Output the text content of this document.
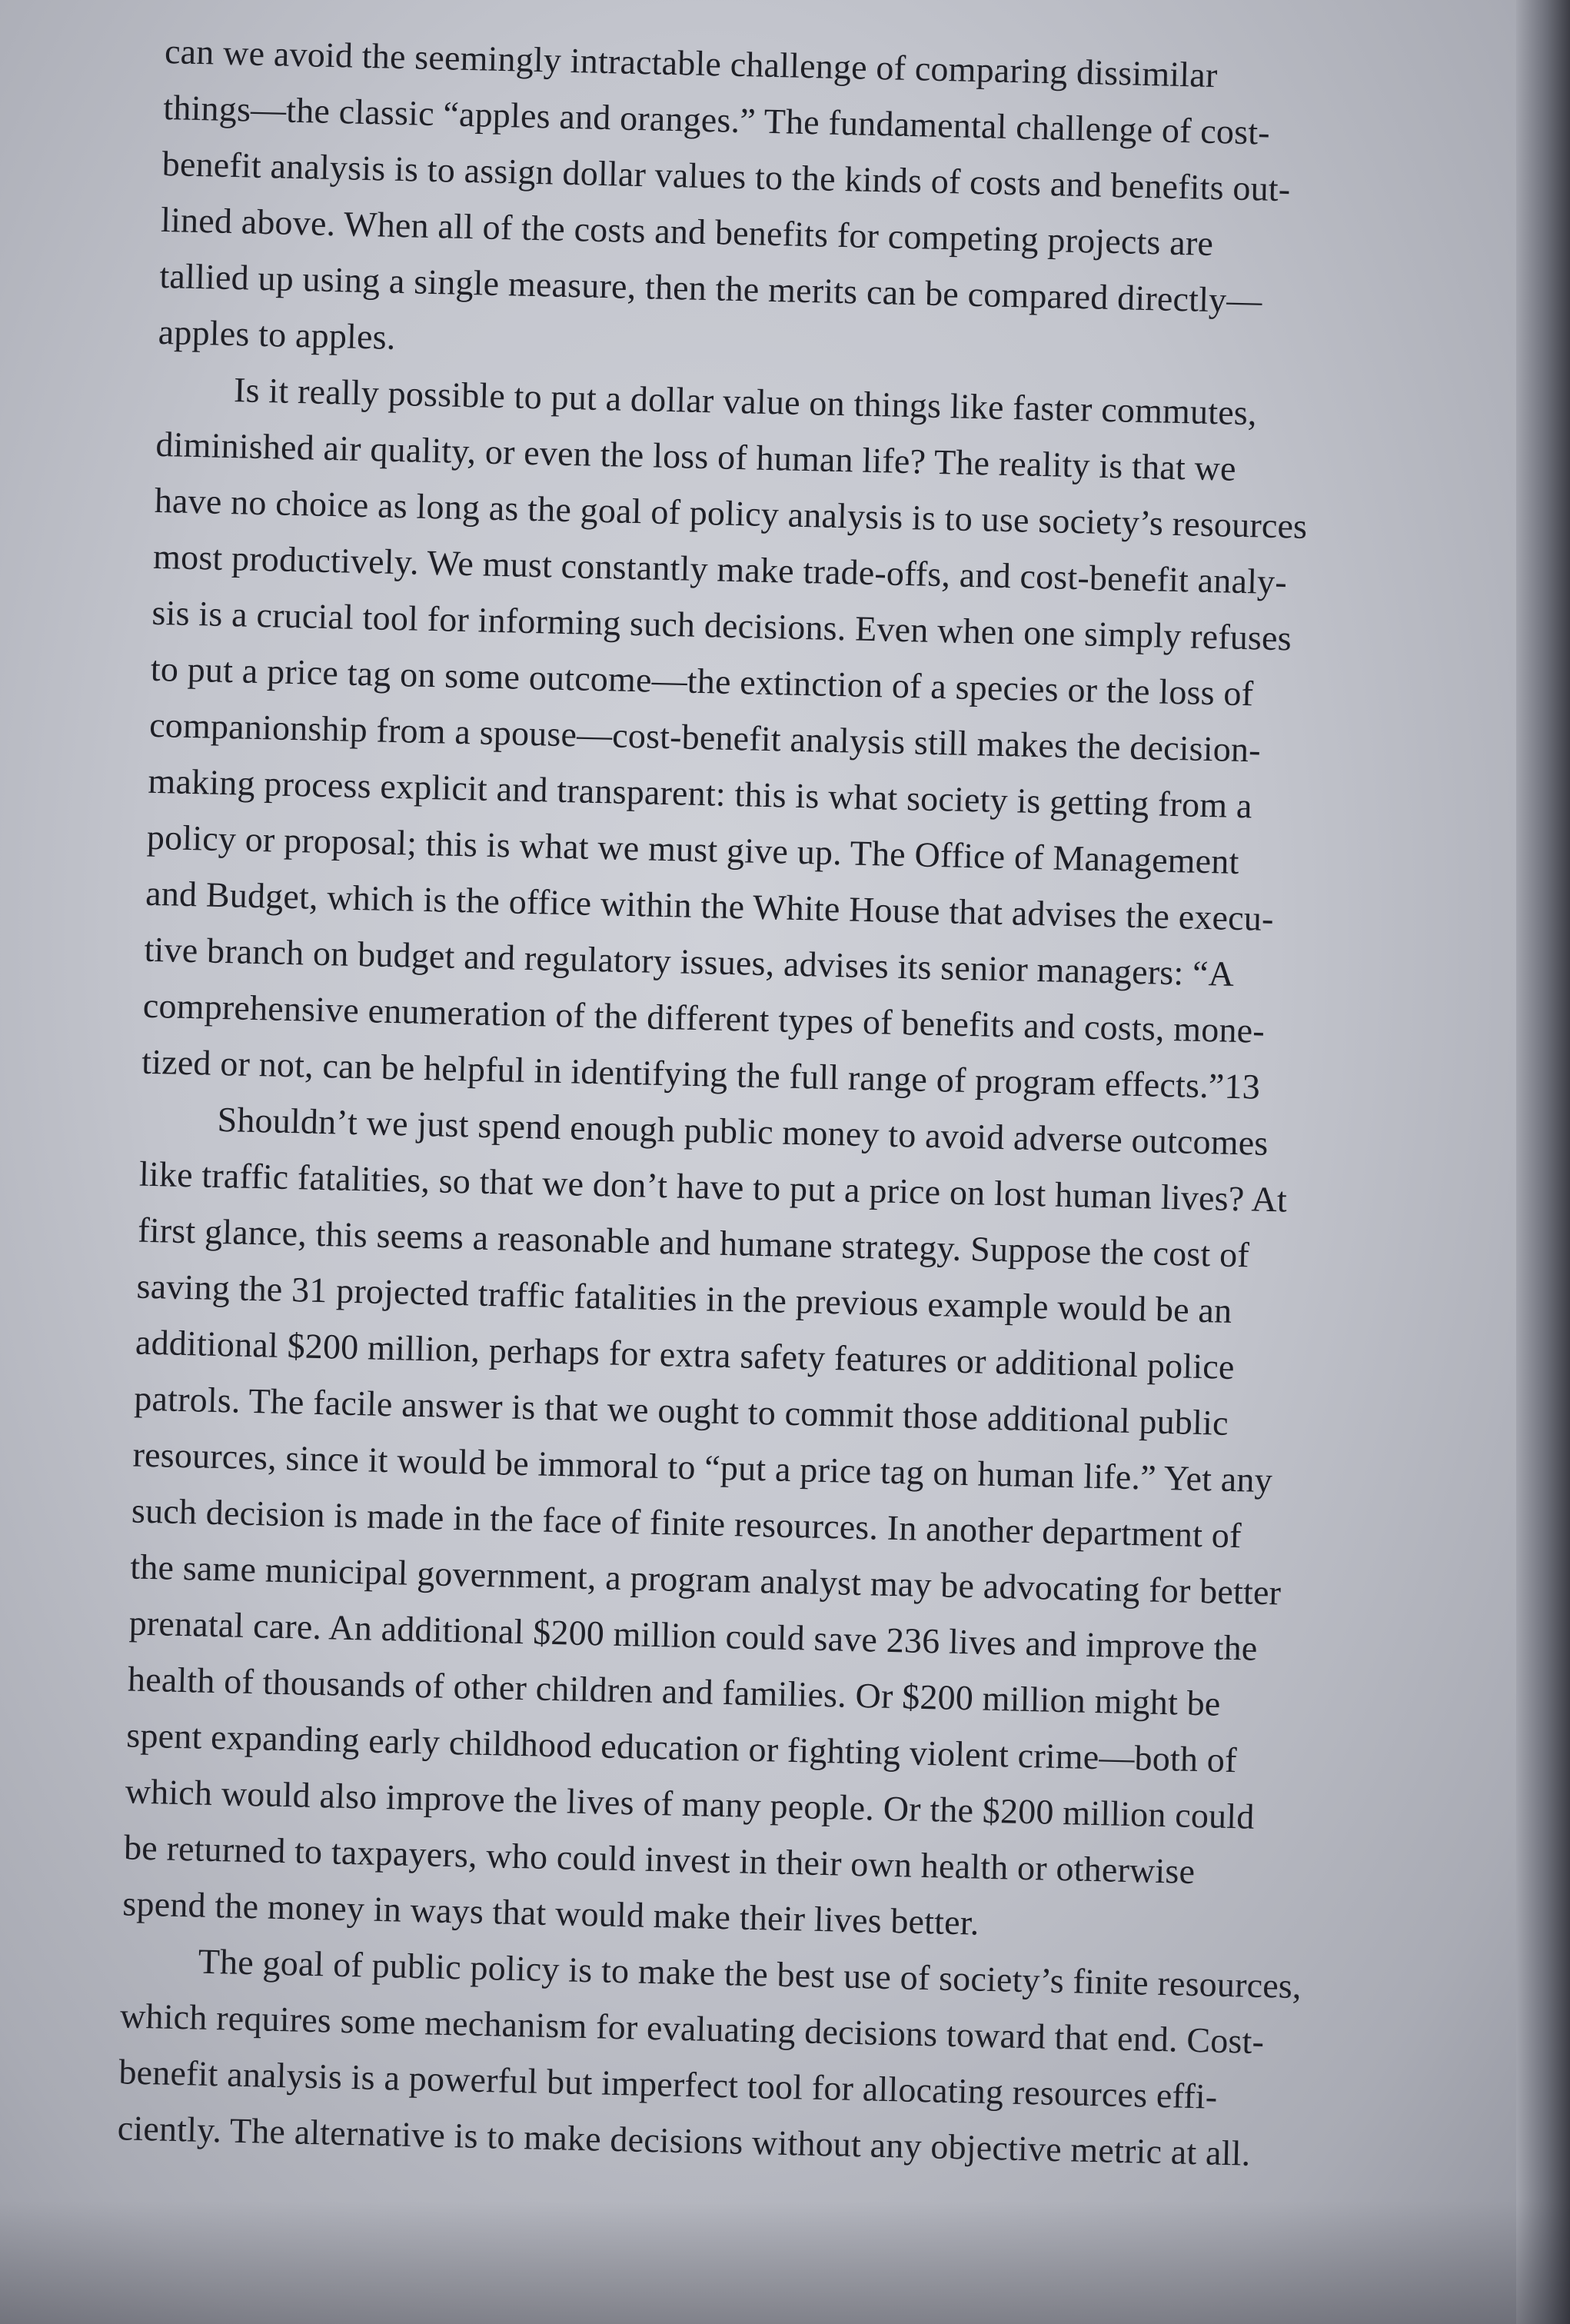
can we avoid the seemingly intractable challenge of comparing dissimilar
things—the classic “apples and oranges.” The fundamental challenge of cost-
benefit analysis is to assign dollar values to the kinds of costs and benefits out-
lined above. When all of the costs and benefits for competing projects are
tallied up using a single measure, then the merits can be compared directly—
apples to apples.
Is it really possible to put a dollar value on things like faster commutes,
diminished air quality, or even the loss of human life? The reality is that we
have no choice as long as the goal of policy analysis is to use society’s resources
most productively. We must constantly make trade-offs, and cost-benefit analy-
sis is a crucial tool for informing such decisions. Even when one simply refuses
to put a price tag on some outcome—the extinction of a species or the loss of
companionship from a spouse—cost-benefit analysis still makes the decision-
making process explicit and transparent: this is what society is getting from a
policy or proposal; this is what we must give up. The Office of Management
and Budget, which is the office within the White House that advises the execu-
tive branch on budget and regulatory issues, advises its senior managers: “A
comprehensive enumeration of the different types of benefits and costs, mone-
tized or not, can be helpful in identifying the full range of program effects.”13
Shouldn’t we just spend enough public money to avoid adverse outcomes
like traffic fatalities, so that we don’t have to put a price on lost human lives? At
first glance, this seems a reasonable and humane strategy. Suppose the cost of
saving the 31 projected traffic fatalities in the previous example would be an
additional $200 million, perhaps for extra safety features or additional police
patrols. The facile answer is that we ought to commit those additional public
resources, since it would be immoral to “put a price tag on human life.” Yet any
such decision is made in the face of finite resources. In another department of
the same municipal government, a program analyst may be advocating for better
prenatal care. An additional $200 million could save 236 lives and improve the
health of thousands of other children and families. Or $200 million might be
spent expanding early childhood education or fighting violent crime—both of
which would also improve the lives of many people. Or the $200 million could
be returned to taxpayers, who could invest in their own health or otherwise
spend the money in ways that would make their lives better.
The goal of public policy is to make the best use of society’s finite resources,
which requires some mechanism for evaluating decisions toward that end. Cost-
benefit analysis is a powerful but imperfect tool for allocating resources effi-
ciently. The alternative is to make decisions without any objective metric at all.
